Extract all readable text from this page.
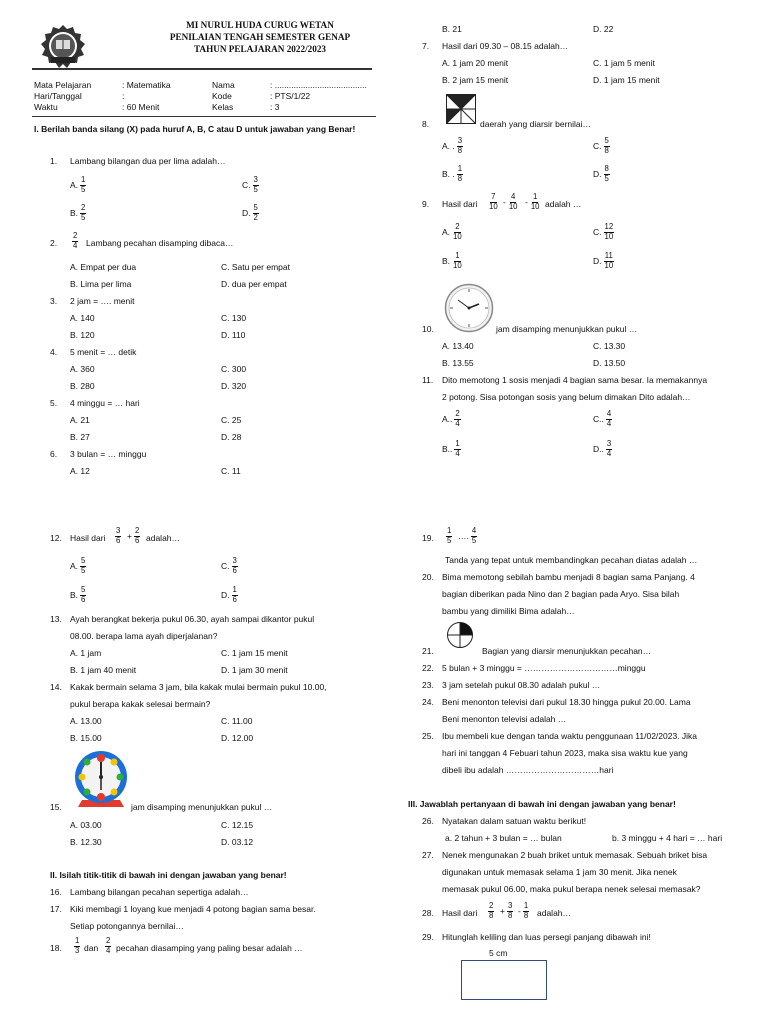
MI NURUL HUDA CURUG WETAN
PENILAIAN TENGAH SEMESTER GENAP
TAHUN PELAJARAN 2022/2023
Mata Pelajaran	: Matematika
Hari/Tanggal	:
Waktu	: 60 Menit
Nama	: .......................................
Kode	: PTS/1/22
Kelas	: 3
I. Berilah banda silang (X) pada huruf A, B, C atau D untuk jawaban yang Benar!
1. Lambang bilangan dua per lima adalah…
A. $\frac{1}{5}$	C. $\frac{3}{5}$
B. $\frac{2}{5}$	D. $\frac{5}{2}$
2. $\frac{2}{4}$ Lambang pecahan disamping dibaca…
A. Empat per dua	C. Satu per empat
B. Lima per lima	D. dua per empat
3. 2 jam = …. menit
A. 140	C. 130
B. 120	D. 110
4. 5 menit = … detik
A. 360	C. 300
B. 280	D. 320
5. 4 minggu = … hari
A. 21	C. 25
B. 27	D. 28
6. 3 bulan = … minggu
A. 12	C. 11
B. 21	D. 22
7. Hasil dari 09.30 – 08.15 adalah…
A. 1 jam 20 menit	C. 1 jam 5 menit
B. 2 jam 15 menit	D. 1 jam 15 menit
8.	daerah yang diarsir bernilai…
A. . $\frac{3}{8}$	C. $\frac{5}{8}$
B. . $\frac{1}{8}$	D. $\frac{8}{5}$
9. Hasil dari $\frac{7}{10} - \frac{4}{10} - \frac{1}{10}$ adalah …
A. $\frac{2}{10}$	C. $\frac{12}{10}$
B. $\frac{1}{10}$	D. $\frac{11}{10}$
10.	jam disamping menunjukkan pukul …
A. 13.40	C. 13.30
B. 13.55	D. 13.50
11. Dito memotong 1 sosis menjadi 4 bagian sama besar. Ia memakannya
2 potong. Sisa potongan sosis yang belum dimakan Dito adalah…
A.. $\frac{2}{4}$	C.. $\frac{4}{4}$
B.. $\frac{1}{4}$	D.. $\frac{3}{4}$
12. Hasil dari $\frac{3}{6} + \frac{2}{6}$ adalah…
A. $\frac{5}{5}$	C. $\frac{3}{6}$
B. $\frac{5}{6}$	D. $\frac{1}{6}$
13. Ayah berangkat bekerja pukul 06.30, ayah sampai dikantor pukul
08.00. berapa lama ayah diperjalanan?
A. 1 jam	C. 1 jam 15 menit
B. 1 jam 40 menit	D. 1 jam 30 menit
14. Kakak bermain selama 3 jam, bila kakak mulai bermain pukul 10.00,
pukul berapa kakak selesai bermain?
A. 13.00	C. 11.00
B. 15.00	D. 12.00
15.	jam disamping menunjukkan pukul …
A. 03.00	C. 12.15
B. 12.30	D. 03.12
II. Isilah titik-titik di bawah ini dengan jawaban yang benar!
16. Lambang bilangan pecahan sepertiga adalah…
17. Kiki membagi 1 loyang kue menjadi 4 potong bagian sama besar.
Setiap potongannya bernilai…
18. $\frac{1}{3}$ dan $\frac{2}{4}$ pecahan diasamping yang paling besar adalah …
19. $\frac{1}{5}$ …. $\frac{4}{5}$
Tanda yang tepat untuk membandingkan pecahan diatas adalah …
20. Bima memotong sebilah bambu menjadi 8 bagian sama Panjang. 4
bagian diberikan pada Nino dan 2 bagian pada Aryo. Sisa bilah
bambu yang dimiliki Bima adalah…
21.	Bagian yang diarsir menunjukkan pecahan…
22. 5 bulan + 3 minggu = ……………………………minggu
23. 3 jam setelah pukul 08.30 adalah pukul …
24. Beni menonton televisi dari pukul 18.30 hingga pukul 20.00. Lama
Beni menonton televisi adalah …
25. Ibu membeli kue dengan tanda waktu penggunaan 11/02/2023. Jika
hari ini tanggan 4 Febuari tahun 2023, maka sisa waktu kue yang
dibeli ibu adalah ……………………………hari
III. Jawablah pertanyaan di bawah ini dengan jawaban yang benar!
26. Nyatakan dalam satuan waktu berikut!
a. 2 tahun + 3 bulan = … bulan	b. 3 minggu + 4 hari = … hari
27. Nenek mengunakan 2 buah briket untuk memasak. Sebuah briket bisa
digunakan untuk memasak selama 1 jam 30 menit. Jika nenek
memasak pukul 06.00, maka pukul berapa nenek selesai memasak?
28. Hasil dari $\frac{2}{8} + \frac{3}{8} - \frac{1}{8}$ adalah…
29. Hitunglah keliling dan luas persegi panjang dibawah ini!
5 cm
